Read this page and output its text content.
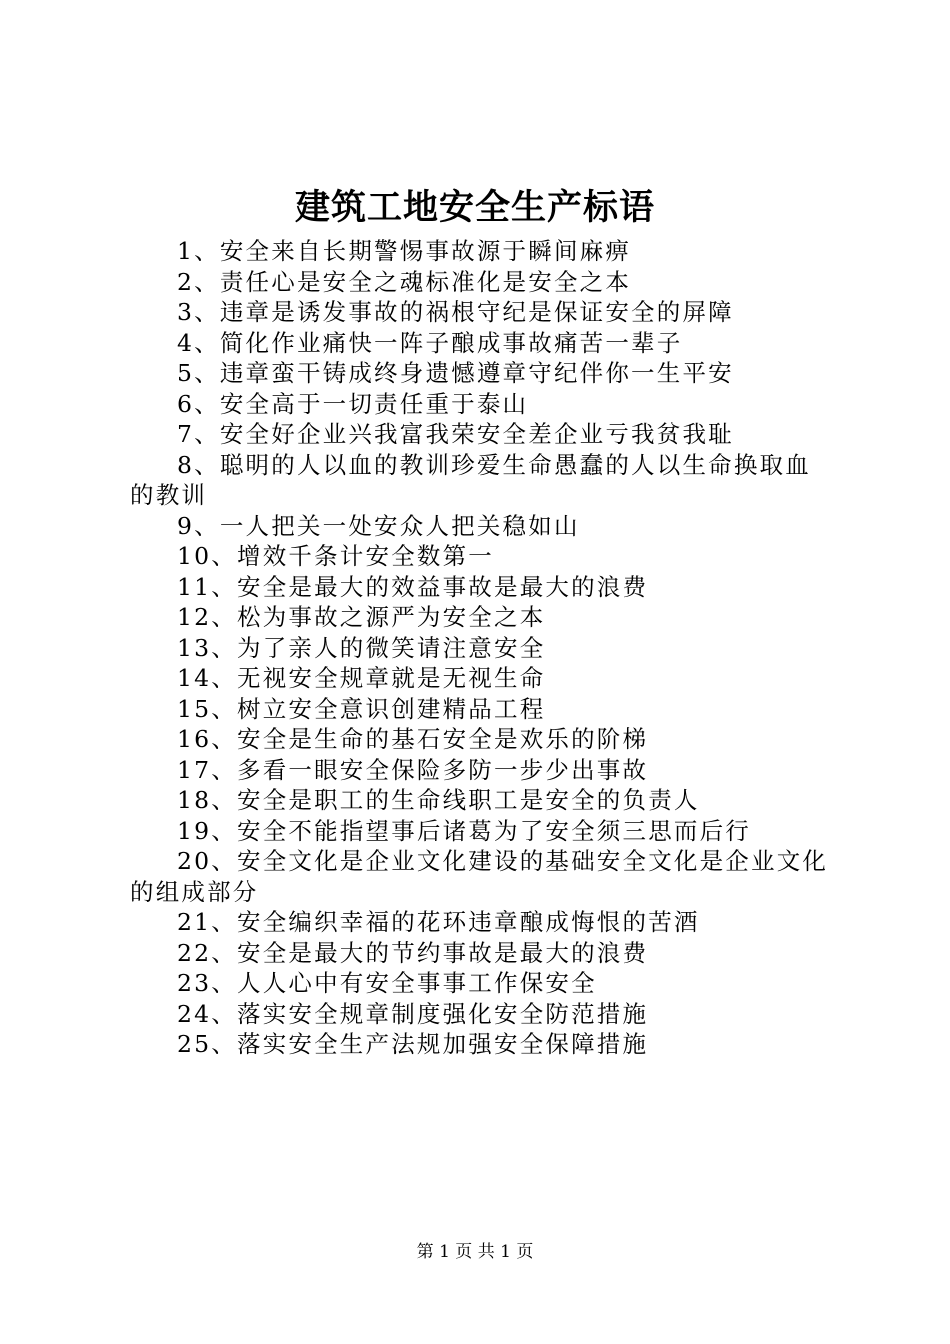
建筑工地安全生产标语

1、安全来自长期警惕事故源于瞬间麻痹

2、责任心是安全之魂标准化是安全之本

3、违章是诱发事故的祸根守纪是保证安全的屏障

4、简化作业痛快一阵子酿成事故痛苦一辈子

5、违章蛮干铸成终身遗憾遵章守纪伴你一生平安

6、安全高于一切责任重于泰山

7、安全好企业兴我富我荣安全差企业亏我贫我耻

8、聪明的人以血的教训珍爱生命愚蠢的人以生命换取血的教训

9、一人把关一处安众人把关稳如山

10、增效千条计安全数第一

11、安全是最大的效益事故是最大的浪费

12、松为事故之源严为安全之本

13、为了亲人的微笑请注意安全

14、无视安全规章就是无视生命

15、树立安全意识创建精品工程

16、安全是生命的基石安全是欢乐的阶梯

17、多看一眼安全保险多防一步少出事故

18、安全是职工的生命线职工是安全的负责人

19、安全不能指望事后诸葛为了安全须三思而后行

20、安全文化是企业文化建设的基础安全文化是企业文化的组成部分

21、安全编织幸福的花环违章酿成悔恨的苦酒

22、安全是最大的节约事故是最大的浪费

23、人人心中有安全事事工作保安全

24、落实安全规章制度强化安全防范措施

25、落实安全生产法规加强安全保障措施

第 1 页 共 1 页
